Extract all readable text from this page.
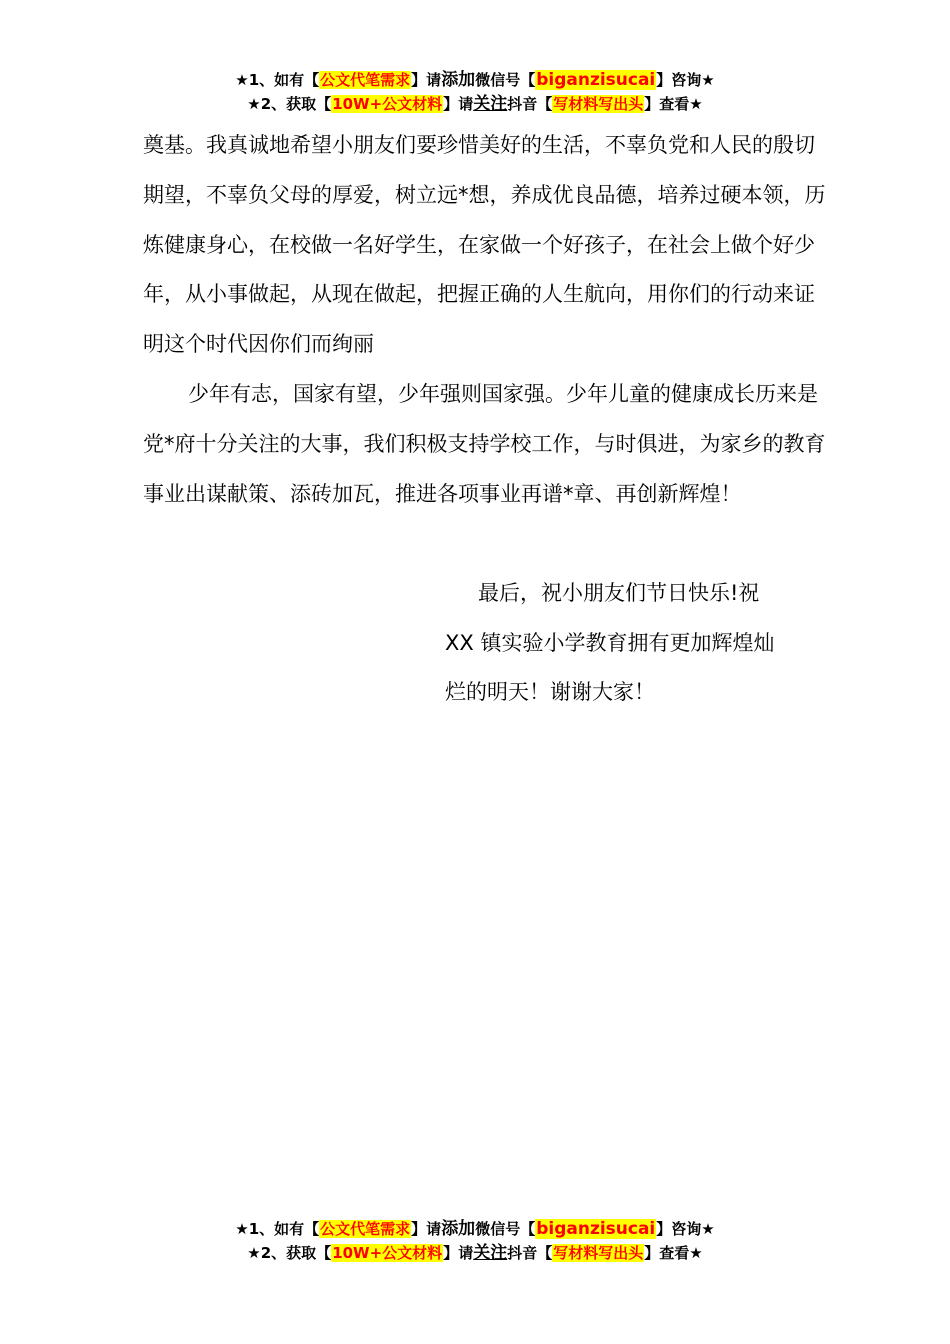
★1、如有【公文代笔需求】请添加微信号【biganzisucai】咨询★
★2、获取【10W+公文材料】请关注抖音【写材料写出头】查看★

奠基。我真诚地希望小朋友们要珍惜美好的生活，不辜负党和人民的殷切期望，不辜负父母的厚爱，树立远*想，养成优良品德，培养过硬本领，历炼健康身心，在校做一名好学生，在家做一个好孩子，在社会上做个好少年，从小事做起，从现在做起，把握正确的人生航向，用你们的行动来证明这个时代因你们而绚丽

少年有志，国家有望，少年强则国家强。少年儿童的健康成长历来是党*府十分关注的大事，我们积极支持学校工作，与时俱进，为家乡的教育事业出谋献策、添砖加瓦，推进各项事业再谱*章、再创新辉煌！

最后，祝小朋友们节日快乐!祝
XX 镇实验小学教育拥有更加辉煌灿
烂的明天！谢谢大家！
★1、如有【公文代笔需求】请添加微信号【biganzisucai】咨询★
★2、获取【10W+公文材料】请关注抖音【写材料写出头】查看★
